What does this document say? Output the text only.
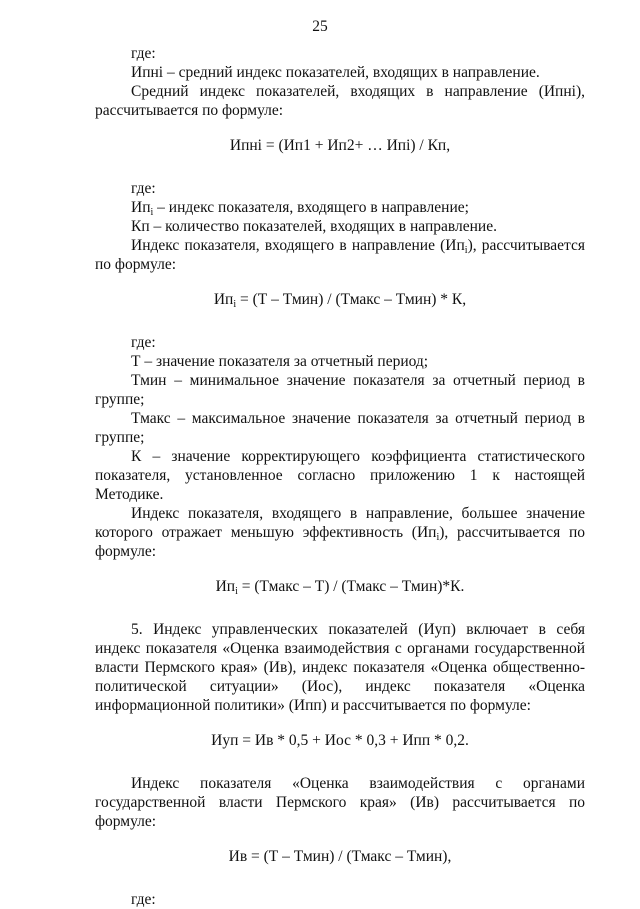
25

где:

Ипнi – средний индекс показателей, входящих в направление.

Средний индекс показателей, входящих в направление (Ипнi), рассчитывается по формуле:

Ипнi = (Ип1 + Ип2+ … Ипi) / Кп,

где:

$Ип_i$ – индекс показателя, входящего в направление;

Кп – количество показателей, входящих в направление.

Индекс показателя, входящего в направление $(Ип_i)$, рассчитывается по формуле:

$Ип_i = (Т$ – Тмин) / (Тмакс – Тмин) * К,

где:

Т – значение показателя за отчетный период;

Тмин – минимальное значение показателя за отчетный период в группе;

Тмакс – максимальное значение показателя за отчетный период в группе;

К – значение корректирующего коэффициента статистического показателя, установленное согласно приложению 1 к настоящей Методике.

Индекс показателя, входящего в направление, большее значение которого отражает меньшую эффективность $(Ип_i)$, рассчитывается по формуле:

$Ип_i$ = (Тмакс – Т) / (Тмакс – Тмин)*К.

5. Индекс управленческих показателей (Иуп) включает в себя индекс показателя «Оценка взаимодействия с органами государственной власти Пермского края» (Ив), индекс показателя «Оценка общественно-политической ситуации» (Иос), индекс показателя «Оценка информационной политики» (Ипп) и рассчитывается по формуле:

Иуп = Ив * 0,5 + Иос * 0,3 + Ипп * 0,2.

Индекс показателя «Оценка взаимодействия с органами государственной власти Пермского края» (Ив) рассчитывается по формуле:

Ив = (Т – Тмин) / (Тмакс – Тмин),

где:
